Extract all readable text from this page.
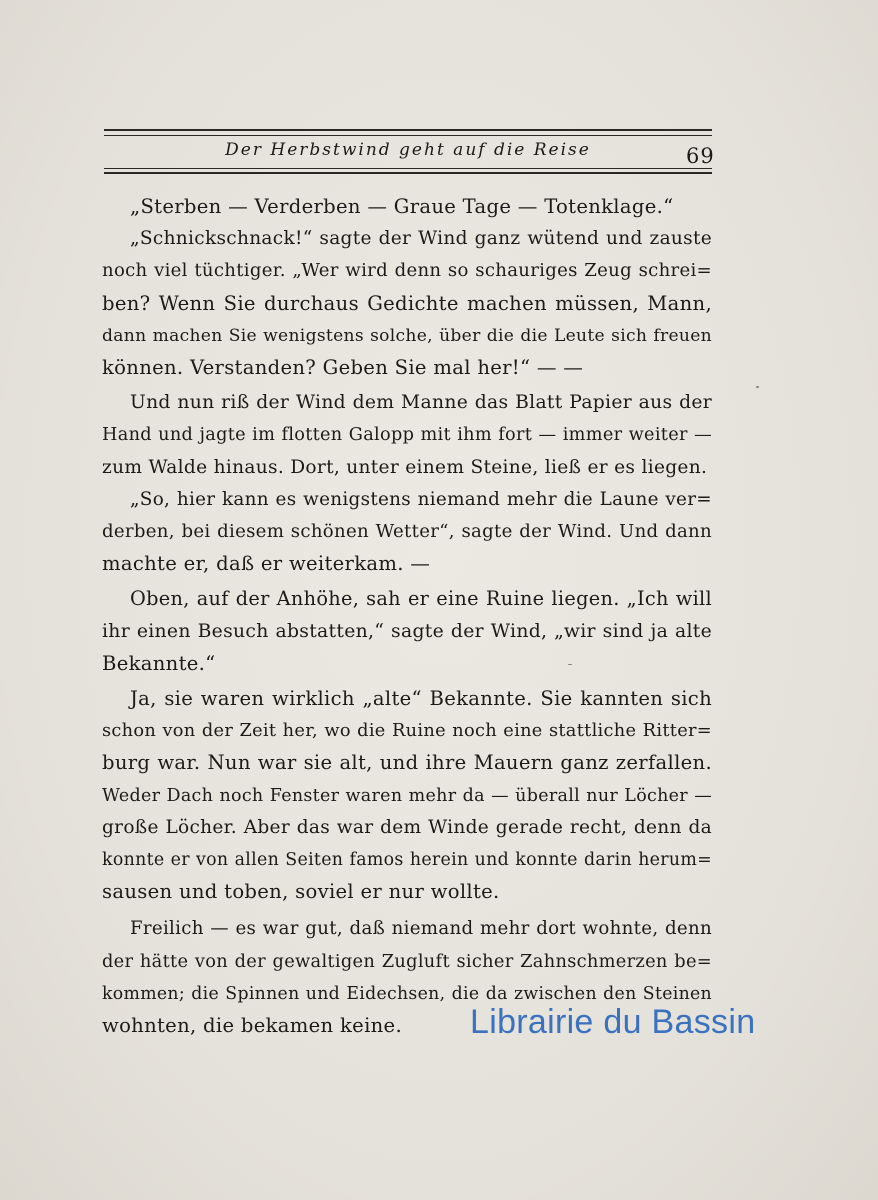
Der Herbstwind geht auf die Reise	69
„Sterben — Verderben — Graue Tage — Totenklage.“
„Schnickschnack!“ sagte der Wind ganz wütend und zauste
noch viel tüchtiger. „Wer wird denn so schauriges Zeug schrei=
ben? Wenn Sie durchaus Gedichte machen müssen, Mann,
dann machen Sie wenigstens solche, über die die Leute sich freuen
können. Verstanden? Geben Sie mal her!“ — —
Und nun riß der Wind dem Manne das Blatt Papier aus der
Hand und jagte im flotten Galopp mit ihm fort — immer weiter —
zum Walde hinaus. Dort, unter einem Steine, ließ er es liegen.
„So, hier kann es wenigstens niemand mehr die Laune ver=
derben, bei diesem schönen Wetter“, sagte der Wind. Und dann
machte er, daß er weiterkam. —
Oben, auf der Anhöhe, sah er eine Ruine liegen. „Ich will
ihr einen Besuch abstatten,“ sagte der Wind, „wir sind ja alte
Bekannte.“
Ja, sie waren wirklich „alte“ Bekannte. Sie kannten sich
schon von der Zeit her, wo die Ruine noch eine stattliche Ritter=
burg war. Nun war sie alt, und ihre Mauern ganz zerfallen.
Weder Dach noch Fenster waren mehr da — überall nur Löcher —
große Löcher. Aber das war dem Winde gerade recht, denn da
konnte er von allen Seiten famos herein und konnte darin herum=
sausen und toben, soviel er nur wollte.
Freilich — es war gut, daß niemand mehr dort wohnte, denn
der hätte von der gewaltigen Zugluft sicher Zahnschmerzen be=
kommen; die Spinnen und Eidechsen, die da zwischen den Steinen
wohnten, die bekamen keine.	Librairie du Bassin
